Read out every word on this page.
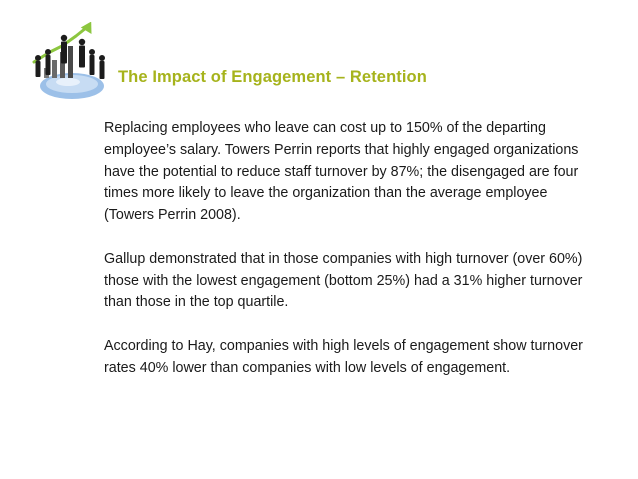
The Impact of Engagement – Retention

Replacing employees who leave can cost up to 150% of the departing employee’s salary. Towers Perrin reports that highly engaged organizations have the potential to reduce staff turnover by 87%; the disengaged are four times more likely to leave the organization than the average employee (Towers Perrin 2008).

Gallup demonstrated that in those companies with high turnover (over 60%) those with the lowest engagement (bottom 25%) had a 31% higher turnover than those in the top quartile.

According to Hay, companies with high levels of engagement show turnover rates 40% lower than companies with low levels of engagement.
